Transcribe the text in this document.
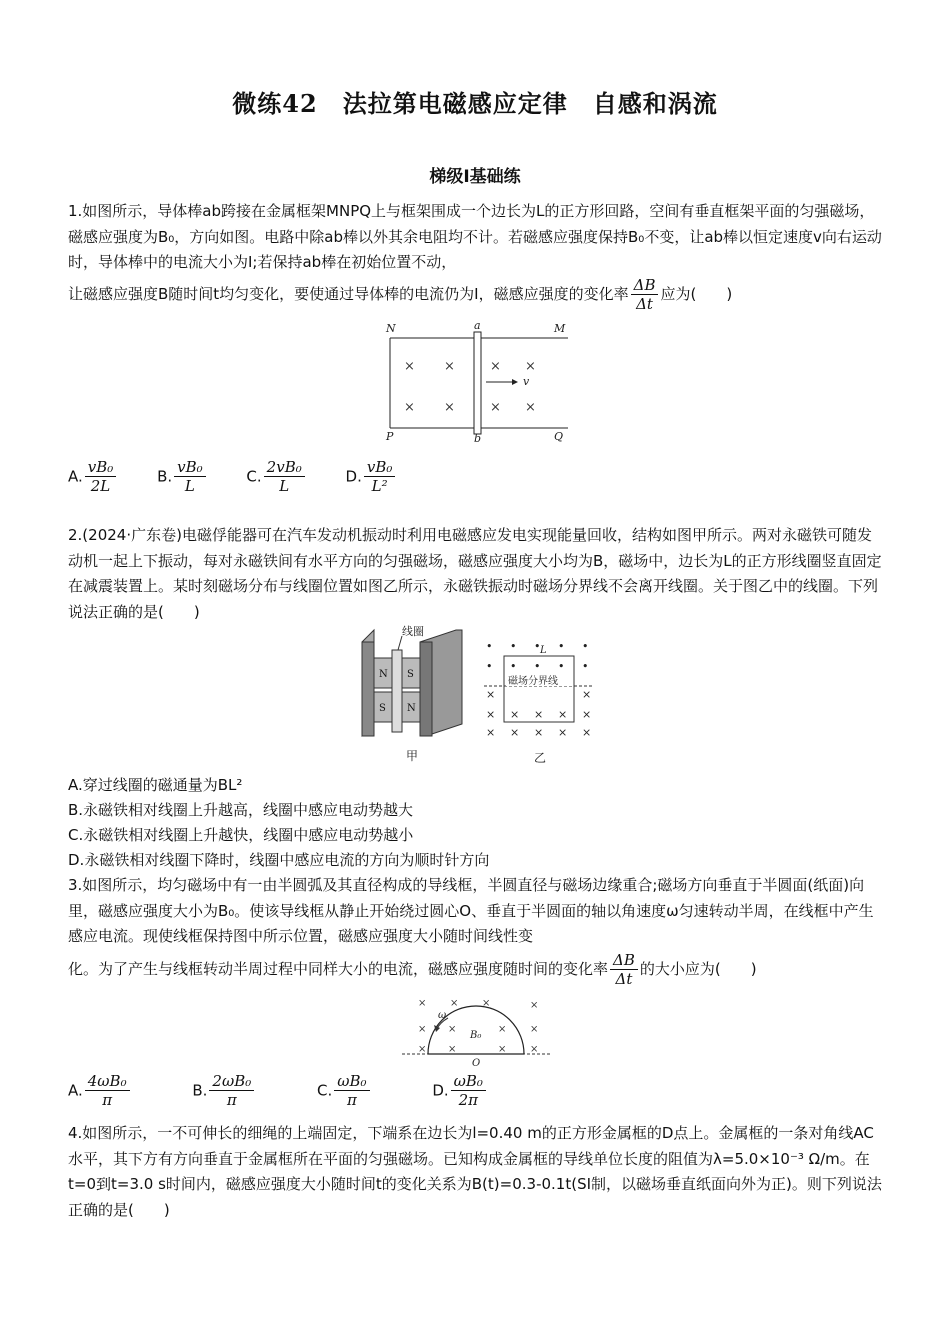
微练42　法拉第电磁感应定律　自感和涡流
梯级Ⅰ基础练
1.如图所示，导体棒ab跨接在金属框架MNPQ上与框架围成一个边长为L的正方形回路，空间有垂直框架平面的匀强磁场，磁感应强度为B₀，方向如图。电路中除ab棒以外其余电阻均不计。若磁感应强度保持B₀不变，让ab棒以恒定速度v向右运动时，导体棒中的电流大小为I;若保持ab棒在初始位置不动，
让磁感应强度B随时间t均匀变化，要使通过导体棒的电流仍为I，磁感应强度的变化率 $\frac{\Delta B}{\Delta t}$ 应为(　　)
N	a	M
P	b	Q
v
× ×	× ×
× ×	× ×
A. $\frac{\text{vB₀}}{2L}$	B. $\frac{\text{vB₀}}{L}$	C. $\frac{\text{2vB₀}}{L}$	D. $\frac{\text{vB₀}}{\text{L²}}$
2.(2024·广东卷)电磁俘能器可在汽车发动机振动时利用电磁感应发电实现能量回收，结构如图甲所示。两对永磁铁可随发动机一起上下振动，每对永磁铁间有水平方向的匀强磁场，磁感应强度大小均为B，磁场中，边长为L的正方形线圈竖直固定在减震装置上。某时刻磁场分布与线圈位置如图乙所示，永磁铁振动时磁场分界线不会离开线圈。关于图乙中的线圈。下列说法正确的是(　　)
线圈
N
S
S
N
甲
• • • • •
• • • • •
×	×
× × × × ×
× × × × ×
磁场分界线
L
乙
A.穿过线圈的磁通量为BL²
B.永磁铁相对线圈上升越高，线圈中感应电动势越大
C.永磁铁相对线圈上升越快，线圈中感应电动势越小
D.永磁铁相对线圈下降时，线圈中感应电流的方向为顺时针方向
3.如图所示，均匀磁场中有一由半圆弧及其直径构成的导线框，半圆直径与磁场边缘重合;磁场方向垂直于半圆面(纸面)向里，磁感应强度大小为B₀。使该导线框从静止开始绕过圆心O、垂直于半圆面的轴以角速度ω匀速转动半周，在线框中产生感应电流。现使线框保持图中所示位置，磁感应强度大小随时间线性变
化。为了产生与线框转动半周过程中同样大小的电流，磁感应强度随时间的变化率 $\frac{\Delta B}{\Delta t}$ 的大小应为(　　)
× × ×
× ×	× ×
×
× ×	× ×
ω
B₀
O
A. $\frac{\text{4ωB₀}}{\pi}$	B. $\frac{\text{2ωB₀}}{\pi}$	C. $\frac{\text{ωB₀}}{\pi}$	D. $\frac{\text{ωB₀}}{2\pi}$
4.如图所示，一不可伸长的细绳的上端固定，下端系在边长为l=0.40 m的正方形金属框的D点上。金属框的一条对角线AC水平，其下方有方向垂直于金属框所在平面的匀强磁场。已知构成金属框的导线单位长度的阻值为λ=5.0×10⁻³ Ω/m。在t=0到t=3.0 s时间内，磁感应强度大小随时间t的变化关系为B(t)=0.3-0.1t(SI制，以磁场垂直纸面向外为正)。则下列说法正确的是(　　)
